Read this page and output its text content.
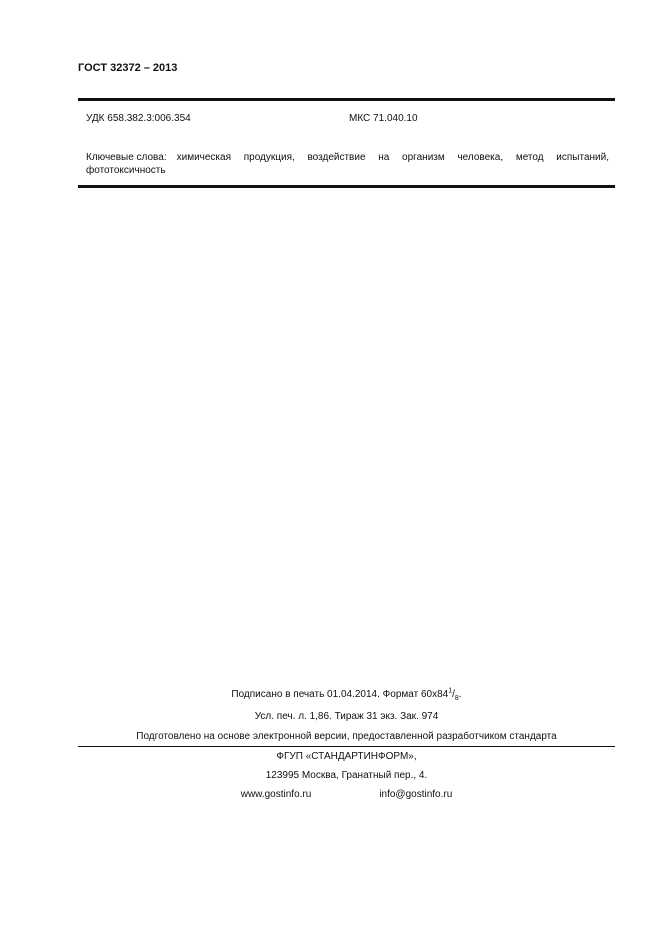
ГОСТ 32372 – 2013
УДК 658.382.3:006.354	МКС 71.040.10
Ключевые слова: химическая продукция, воздействие на организм человека, метод испытаний,
фототоксичность
Подписано в печать 01.04.2014. Формат $60x84^1/_8$.
Усл. печ. л. 1,86. Тираж 31 экз. Зак. 974
Подготовлено на основе электронной версии, предоставленной разработчиком стандарта
ФГУП «СТАНДАРТИНФОРМ»,
123995 Москва, Гранатный пер., 4.
www.gostinfo.ru	info@gostinfo.ru
